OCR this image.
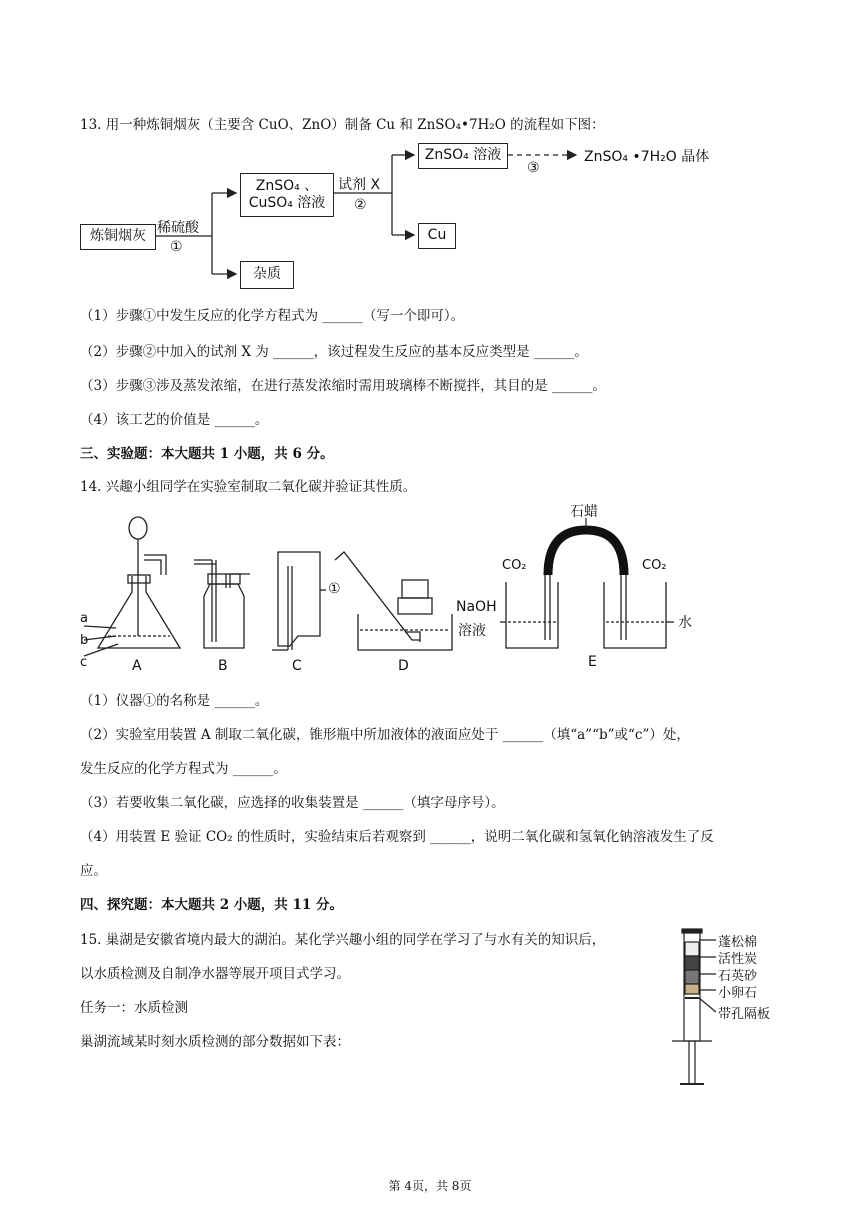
13. 用一种炼铜烟灰（主要含 CuO、ZnO）制备 Cu 和 ZnSO₄•7H₂O 的流程如下图：
炼铜烟灰
稀硫酸
①
ZnSO₄ 、
CuSO₄ 溶液
杂质
试剂 X
②
ZnSO₄ 溶液
Cu
③
ZnSO₄ •7H₂O 晶体
（1）步骤①中发生反应的化学方程式为 ______（写一个即可）。
（2）步骤②中加入的试剂 X 为 ______，该过程发生反应的基本反应类型是 ______。
（3）步骤③涉及蒸发浓缩，在进行蒸发浓缩时需用玻璃棒不断搅拌，其目的是 ______。
（4）该工艺的价值是 ______。
三、实验题：本大题共 1 小题，共 6 分。
14. 兴趣小组同学在实验室制取二氧化碳并验证其性质。
a
b
c	A	B	C	D	E
①
石蜡
CO₂	CO₂
NaOH
溶液	水
（1）仪器①的名称是 ______。
（2）实验室用装置 A 制取二氧化碳，锥形瓶中所加液体的液面应处于 ______（填“a”“b”或“c”）处，
发生反应的化学方程式为 ______。
（3）若要收集二氧化碳，应选择的收集装置是 ______（填字母序号）。
（4）用装置 E 验证 CO₂ 的性质时，实验结束后若观察到 ______，说明二氧化碳和氢氧化钠溶液发生了反
应。
四、探究题：本大题共 2 小题，共 11 分。
15. 巢湖是安徽省境内最大的湖泊。某化学兴趣小组的同学在学习了与水有关的知识后，
以水质检测及自制净水器等展开项目式学习。
任务一：水质检测
巢湖流域某时刻水质检测的部分数据如下表：
蓬松棉
活性炭
石英砂
小卵石
带孔隔板
第 4页，共 8页
